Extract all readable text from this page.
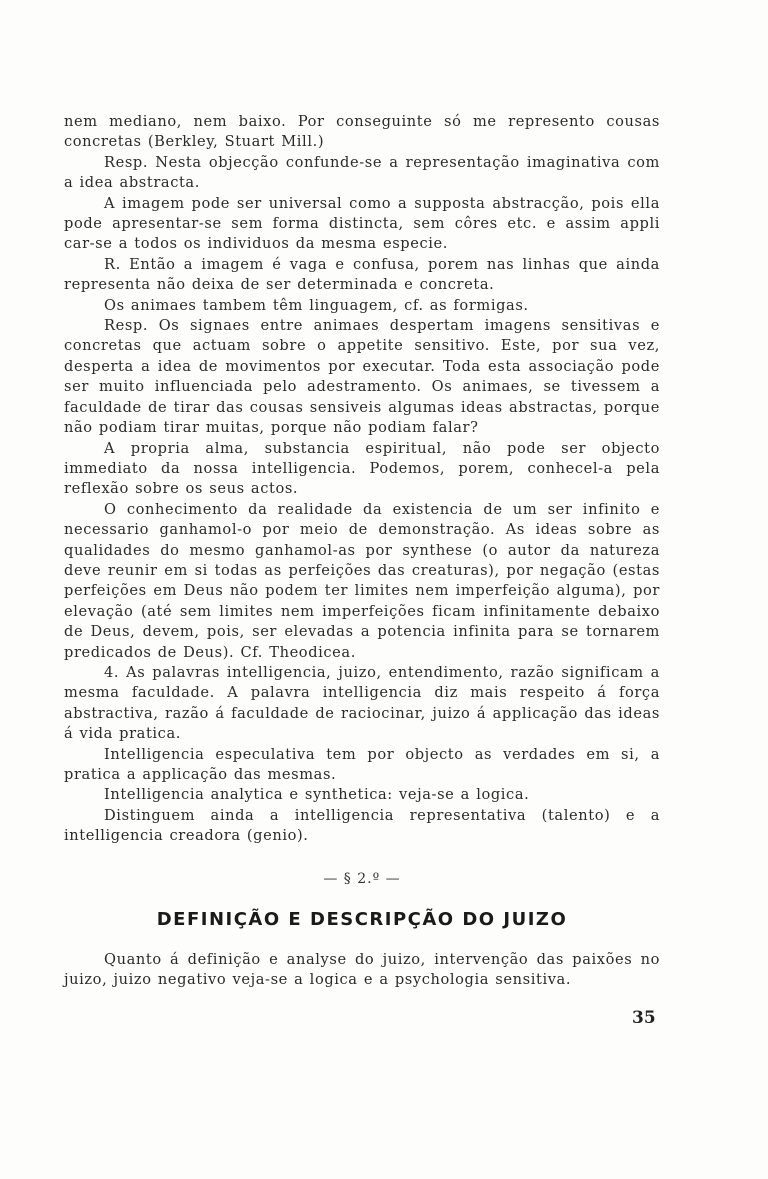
nem mediano, nem baixo. Por conseguinte só me represento cousas concretas (Berkley, Stuart Mill.)

Resp. Nesta objecção confunde-se a representação imaginativa com a idea abstracta.

A imagem pode ser universal como a supposta abstracção, pois ella pode apresentar-se sem forma distincta, sem côres etc. e assim appli car-se a todos os individuos da mesma especie.

R. Então a imagem é vaga e confusa, porem nas linhas que ainda representa não deixa de ser determinada e concreta.

Os animaes tambem têm linguagem, cf. as formigas.

Resp. Os signaes entre animaes despertam imagens sensitivas e concretas que actuam sobre o appetite sensitivo. Este, por sua vez, desperta a idea de movimentos por executar. Toda esta associação pode ser muito influenciada pelo adestramento. Os animaes, se tivessem a faculdade de tirar das cousas sensiveis algumas ideas abstractas, porque não podiam tirar muitas, porque não podiam falar?

A propria alma, substancia espiritual, não pode ser objecto immediato da nossa intelligencia. Podemos, porem, conhecel-a pela reflexão sobre os seus actos.

O conhecimento da realidade da existencia de um ser infinito e necessario ganhamol-o por meio de demonstração. As ideas sobre as qualidades do mesmo ganhamol-as por synthese (o autor da natureza deve reunir em si todas as perfeições das creaturas), por negação (estas perfeições em Deus não podem ter limites nem imperfeição alguma), por elevação (até sem limites nem imperfeições ficam infinitamente debaixo de Deus, devem, pois, ser elevadas a potencia infinita para se tornarem predicados de Deus). Cf. Theodicea.

4. As palavras intelligencia, juizo, entendimento, razão significam a mesma faculdade. A palavra intelligencia diz mais respeito á força abstractiva, razão á faculdade de raciocinar, juizo á applicação das ideas á vida pratica.

Intelligencia especulativa tem por objecto as verdades em si, a pratica a applicação das mesmas.

Intelligencia analytica e synthetica: veja-se a logica.

Distinguem ainda a intelligencia representativa (talento) e a intelligencia creadora (genio).

— § 2.º —
DEFINIÇÃO E DESCRIPÇÃO DO JUIZO

Quanto á definição e analyse do juizo, intervenção das paixões no juizo, juizo negativo veja-se a logica e a psychologia sensitiva.

35
